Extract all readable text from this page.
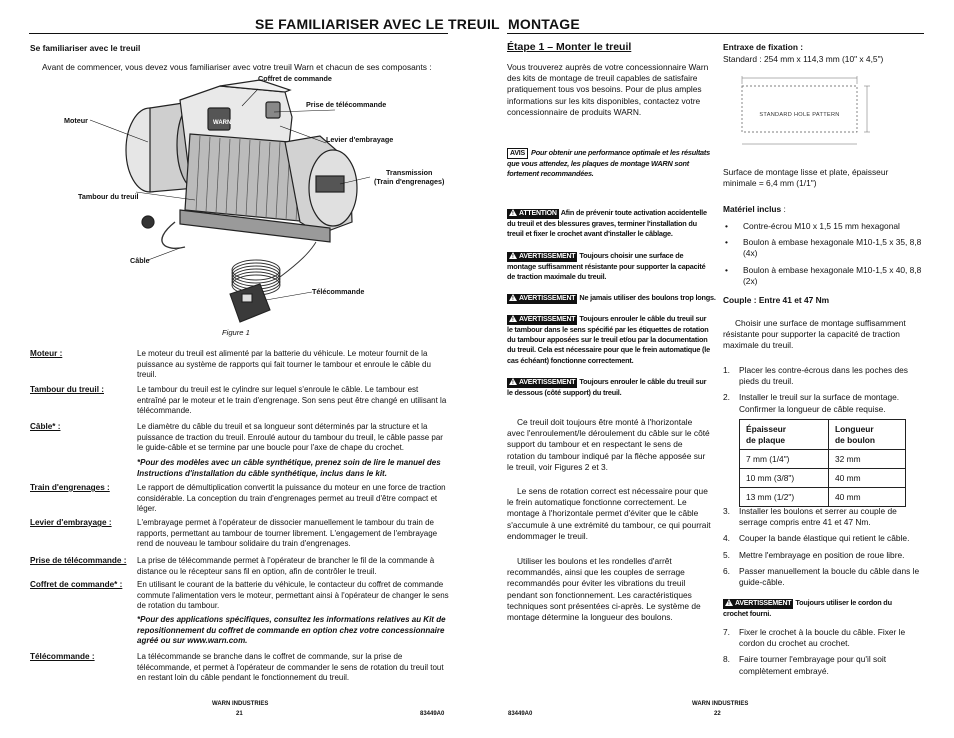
SE FAMILIARISER AVEC LE TREUIL
Se familiariser avec le treuil
Avant de commencer, vous devez vous familiariser avec votre treuil Warn et chacun de ses composants :
WARN
Coffret de commande
Prise de télécommande
Moteur
Levier d'embrayage
Transmission
(Train d'engrenages)
Tambour du treuil
Câble
Télécommande
Figure 1
Moteur :	Le moteur du treuil est alimenté par la batterie du véhicule. Le moteur fournit de la puissance au système de rapports qui fait tourner le tambour et enroule le câble du treuil.
Tambour du treuil :	Le tambour du treuil est le cylindre sur lequel s'enroule le câble. Le tambour est entraîné par le moteur et le train d'engrenage. Son sens peut être changé en utilisant la télécommande.
Câble* :	Le diamètre du câble du treuil et sa longueur sont déterminés par la structure et la puissance de traction du treuil. Enroulé autour du tambour du treuil, le câble passe par le guide-câble et se termine par une boucle pour l'axe de chape du crochet.
*Pour des modèles avec un câble synthétique, prenez soin de lire le manuel des Instructions d'installation du câble synthétique, inclus dans le kit.
Train d'engrenages :	Le rapport de démultiplication convertit la puissance du moteur en une force de traction considérable. La conception du train d'engrenages permet au treuil d'être compact et léger.
Levier d'embrayage :	L'embrayage permet à l'opérateur de dissocier manuellement le tambour du train de rapports, permettant au tambour de tourner librement. L'engagement de l'embrayage rend de nouveau le tambour solidaire du train d'engrenages.
Prise de télécommande :	La prise de télécommande permet à l'opérateur de brancher le fil de la commande à distance ou le récepteur sans fil en option, afin de contrôler le treuil.
Coffret de commande* :	En utilisant le courant de la batterie du véhicule, le contacteur du coffret de commande commute l'alimentation vers le moteur, permettant ainsi à l'opérateur de changer le sens de rotation du tambour.
*Pour des applications spécifiques, consultez les informations relatives au Kit de repositionnement du coffret de commande en option chez votre concessionnaire agréé ou sur www.warn.com.
Télécommande :	La télécommande se branche dans le coffret de commande, sur la prise de télécommande, et permet à l'opérateur de commander le sens de rotation du treuil tout en restant loin du câble pendant le fonctionnement du treuil.
WARN INDUSTRIES
21	83449A0
MONTAGE
Étape 1 – Monter le treuil
Vous trouverez auprès de votre concessionnaire Warn des kits de montage de treuil capables de satisfaire pratiquement tous vos besoins. Pour de plus amples informations sur les kits disponibles, contactez votre concessionnaire de produits WARN.
AVIS Pour obtenir une performance optimale et les résultats que vous attendez, les plaques de montage WARN sont fortement recommandées.
!ATTENTION Afin de prévenir toute activation accidentelle du treuil et des blessures graves, terminer l'installation du treuil et fixer le crochet avant d'installer le câblage.
!AVERTISSEMENT Toujours choisir une surface de montage suffisamment résistante pour supporter la capacité de traction maximale du treuil.
!AVERTISSEMENT Ne jamais utiliser des boulons trop longs.
!AVERTISSEMENT Toujours enrouler le câble du treuil sur le tambour dans le sens spécifié par les étiquettes de rotation du tambour apposées sur le treuil et/ou par la documentation du treuil. Cela est nécessaire pour que le frein automatique (le cas échéant) fonctionne correctement.
!AVERTISSEMENT Toujours enrouler le câble du treuil sur le dessous (côté support) du treuil.
Ce treuil doit toujours être monté à l'horizontale avec l'enroulement/le déroulement du câble sur le côté support du tambour et en respectant le sens de rotation du tambour indiqué par la flèche apposée sur le treuil, voir Figures 2 et 3.
Le sens de rotation correct est nécessaire pour que le frein automatique fonctionne correctement. Le montage à l'horizontale permet d'éviter que le câble s'accumule à une extrémité du tambour, ce qui pourrait endommager le treuil.
Utiliser les boulons et les rondelles d'arrêt recommandés, ainsi que les couples de serrage recommandés pour éviter les vibrations du treuil pendant son fonctionnement. Les caractéristiques techniques sont présentées ci-après. Le système de montage détermine la longueur des boulons.
Entraxe de fixation :
Standard : 254 mm x 114,3 mm (10" x 4,5")
STANDARD HOLE PATTERN
Surface de montage lisse et plate, épaisseur minimale = 6,4 mm (1/1")
Matériel inclus :
• Contre-écrou M10 x 1,5 15 mm hexagonal
• Boulon à embase hexagonale M10-1,5 x 35, 8,8 (4x)
• Boulon à embase hexagonale M10-1,5 x 40, 8,8 (2x)
Couple : Entre 41 et 47 Nm
Choisir une surface de montage suffisamment résistante pour supporter la capacité de traction maximale du treuil.
1. Placer les contre-écrous dans les poches des pieds du treuil.
2. Installer le treuil sur la surface de montage. Confirmer la longueur de câble requise.
Épaisseur
de plaque	Longueur
de boulon
7 mm (1/4")	32 mm
10 mm (3/8")	40 mm
13 mm (1/2")	40 mm
3. Installer les boulons et serrer au couple de serrage compris entre 41 et 47 Nm.
4. Couper la bande élastique qui retient le câble.
5. Mettre l'embrayage en position de roue libre.
6. Passer manuellement la boucle du câble dans le guide-câble.
!AVERTISSEMENT Toujours utiliser le cordon du crochet fourni.
7. Fixer le crochet à la boucle du câble. Fixer le cordon du crochet au crochet.
8. Faire tourner l'embrayage pour qu'il soit complètement embrayé.
83449A0
WARN INDUSTRIES
22
